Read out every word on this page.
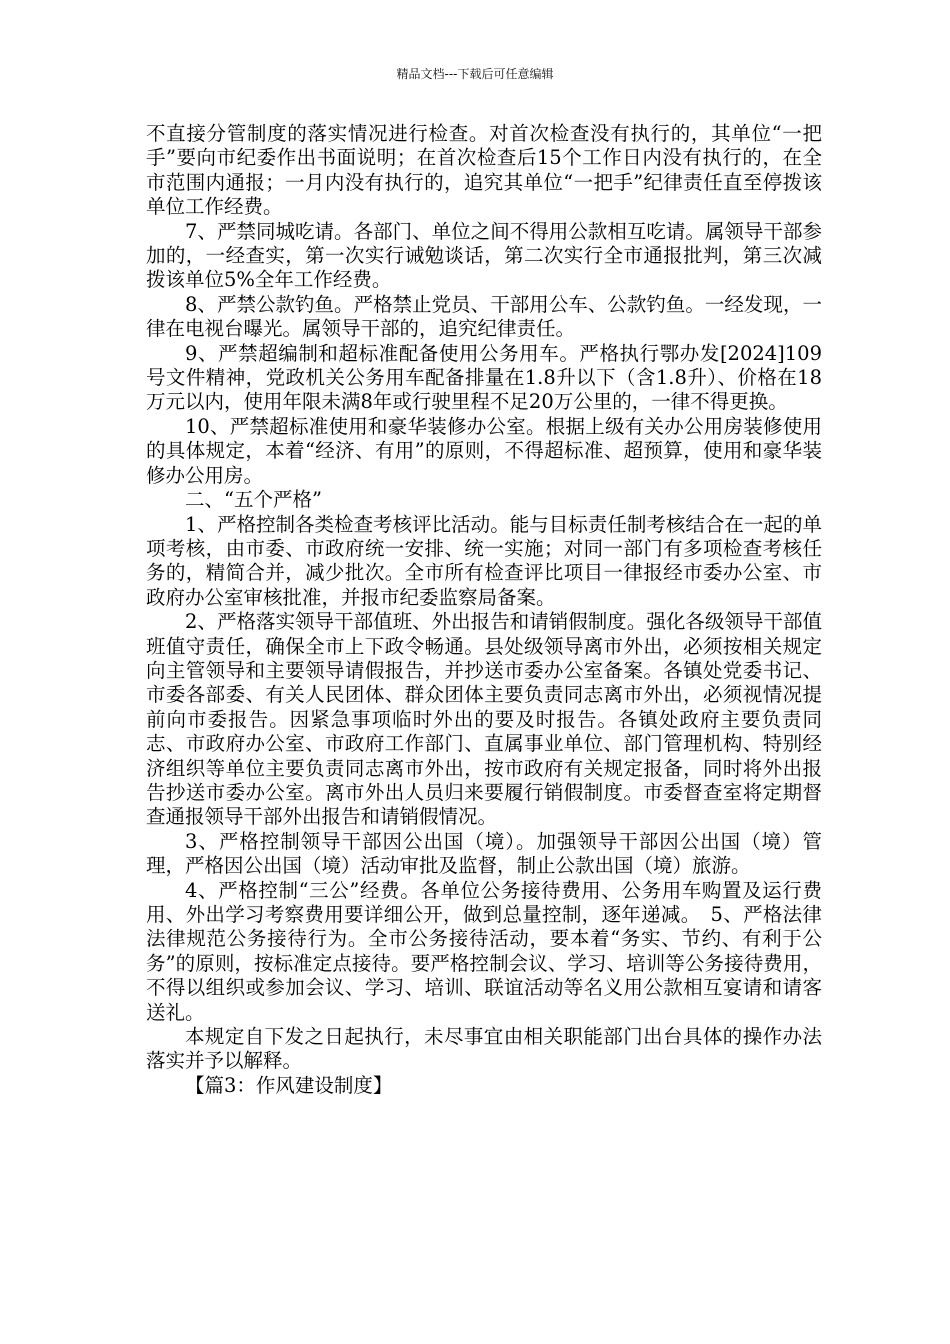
精品文档---下载后可任意编辑

不直接分管制度的落实情况进行检查。对首次检查没有执行的，其单位“一把手”要向市纪委作出书面说明；在首次检查后15个工作日内没有执行的，在全市范围内通报；一月内没有执行的，追究其单位“一把手”纪律责任直至停拨该单位工作经费。

7、严禁同城吃请。各部门、单位之间不得用公款相互吃请。属领导干部参加的，一经查实，第一次实行诫勉谈话，第二次实行全市通报批判，第三次减拨该单位5%全年工作经费。

8、严禁公款钓鱼。严格禁止党员、干部用公车、公款钓鱼。一经发现，一律在电视台曝光。属领导干部的，追究纪律责任。

9、严禁超编制和超标准配备使用公务用车。严格执行鄂办发[2024]109号文件精神，党政机关公务用车配备排量在1.8升以下（含1.8升）、价格在18万元以内，使用年限未满8年或行驶里程不足20万公里的，一律不得更换。

10、严禁超标准使用和豪华装修办公室。根据上级有关办公用房装修使用的具体规定，本着“经济、有用”的原则，不得超标准、超预算，使用和豪华装修办公用房。

二、“五个严格”

1、严格控制各类检查考核评比活动。能与目标责任制考核结合在一起的单项考核，由市委、市政府统一安排、统一实施；对同一部门有多项检查考核任务的，精简合并，减少批次。全市所有检查评比项目一律报经市委办公室、市政府办公室审核批准，并报市纪委监察局备案。

2、严格落实领导干部值班、外出报告和请销假制度。强化各级领导干部值班值守责任，确保全市上下政令畅通。县处级领导离市外出，必须按相关规定向主管领导和主要领导请假报告，并抄送市委办公室备案。各镇处党委书记、市委各部委、有关人民团体、群众团体主要负责同志离市外出，必须视情况提前向市委报告。因紧急事项临时外出的要及时报告。各镇处政府主要负责同志、市政府办公室、市政府工作部门、直属事业单位、部门管理机构、特别经济组织等单位主要负责同志离市外出，按市政府有关规定报备，同时将外出报告抄送市委办公室。离市外出人员归来要履行销假制度。市委督查室将定期督查通报领导干部外出报告和请销假情况。

3、严格控制领导干部因公出国（境）。加强领导干部因公出国（境）管理，严格因公出国（境）活动审批及监督，制止公款出国（境）旅游。

4、严格控制“三公”经费。各单位公务接待费用、公务用车购置及运行费用、外出学习考察费用要详细公开，做到总量控制，逐年递减。　5、严格法律法律规范公务接待行为。全市公务接待活动，要本着“务实、节约、有利于公务”的原则，按标准定点接待。要严格控制会议、学习、培训等公务接待费用，不得以组织或参加会议、学习、培训、联谊活动等名义用公款相互宴请和请客送礼。

本规定自下发之日起执行，未尽事宜由相关职能部门出台具体的操作办法落实并予以解释。

【篇3：作风建设制度】
